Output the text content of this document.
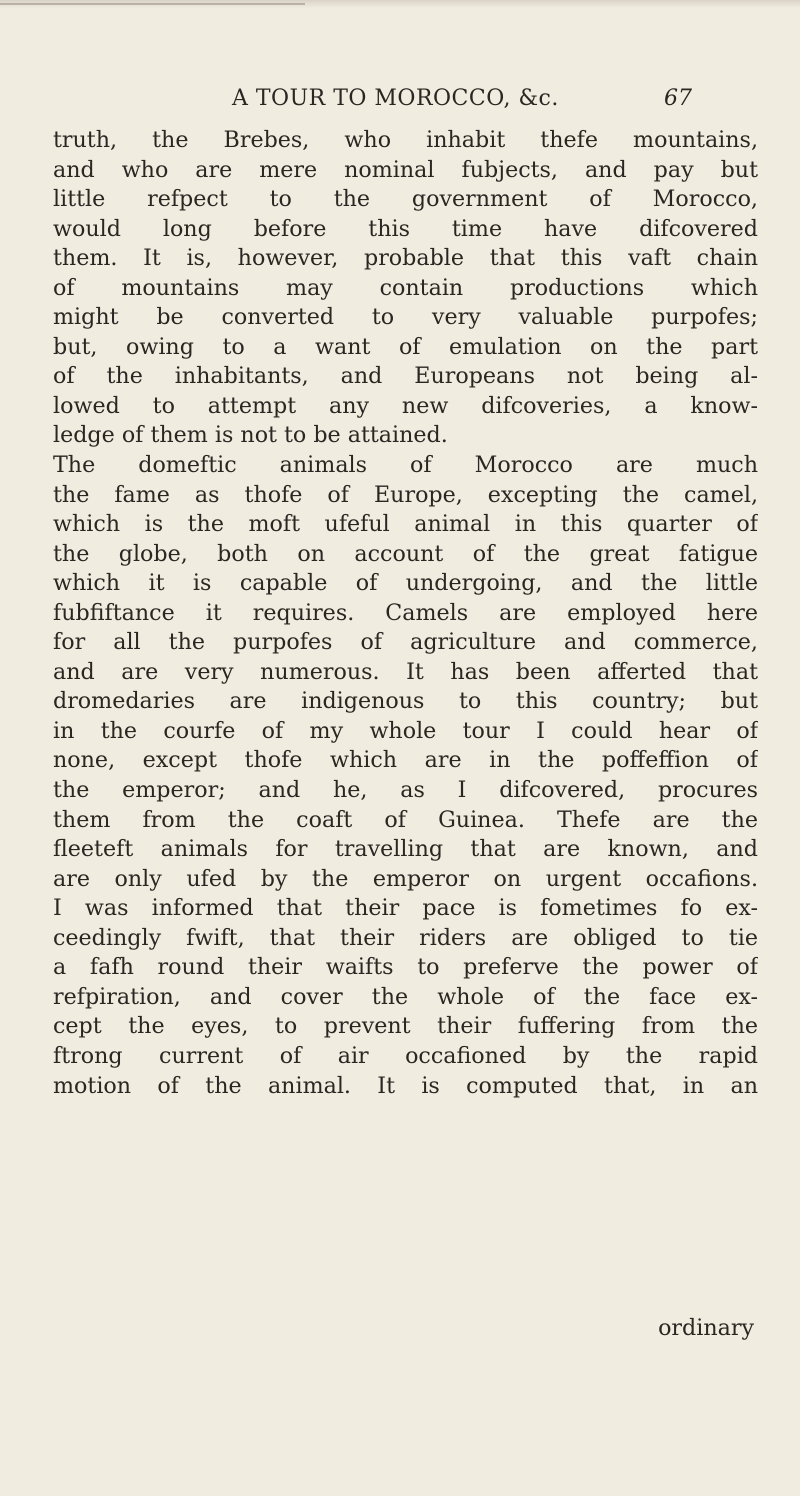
A TOUR TO MOROCCO, &c.	67
truth, the Brebes, who inhabit thefe mountains,
and who are mere nominal fubjects, and pay but
little refpect to the government of Morocco,
would long before this time have difcovered
them. It is, however, probable that this vaft chain
of mountains may contain productions which
might be converted to very valuable purpofes;
but, owing to a want of emulation on the part
of the inhabitants, and Europeans not being al-
lowed to attempt any new difcoveries, a know-
ledge of them is not to be attained.
The domeftic animals of Morocco are much
the fame as thofe of Europe, excepting the camel,
which is the moft ufeful animal in this quarter of
the globe, both on account of the great fatigue
which it is capable of undergoing, and the little
fubfiftance it requires. Camels are employed here
for all the purpofes of agriculture and commerce,
and are very numerous. It has been afferted that
dromedaries are indigenous to this country; but
in the courfe of my whole tour I could hear of
none, except thofe which are in the poffeffion of
the emperor; and he, as I difcovered, procures
them from the coaft of Guinea. Thefe are the
fleeteft animals for travelling that are known, and
are only ufed by the emperor on urgent occafions.
I was informed that their pace is fometimes fo ex-
ceedingly fwift, that their riders are obliged to tie
a fafh round their waifts to preferve the power of
refpiration, and cover the whole of the face ex-
cept the eyes, to prevent their fuffering from the
ftrong current of air occafioned by the rapid
motion of the animal. It is computed that, in an
ordinary
